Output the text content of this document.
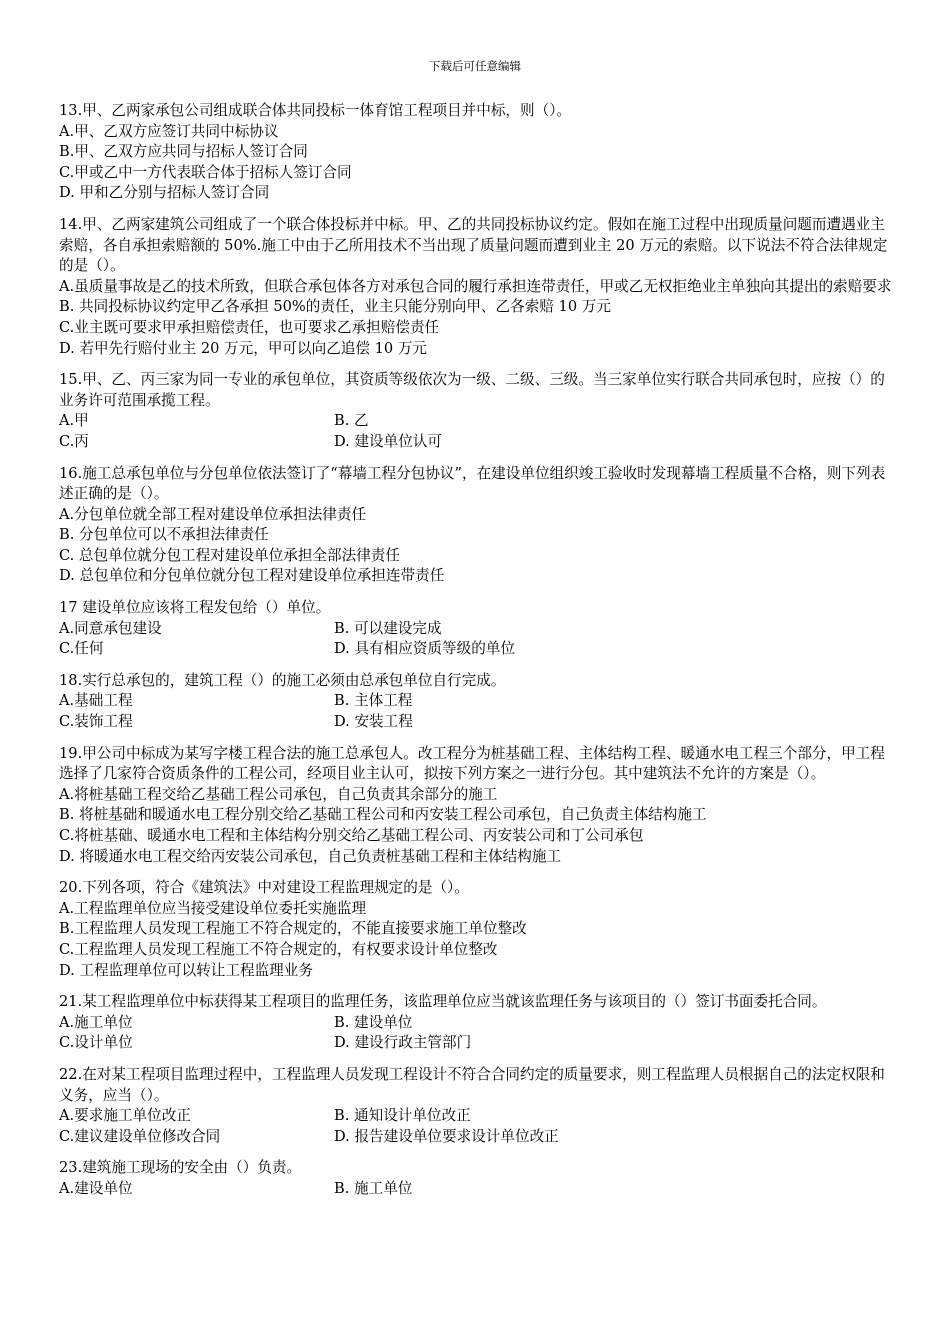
下载后可任意编辑
13.甲、乙两家承包公司组成联合体共同投标一体育馆工程项目并中标，则（）。
A.甲、乙双方应签订共同中标协议
B.甲、乙双方应共同与招标人签订合同
C.甲或乙中一方代表联合体于招标人签订合同
D. 甲和乙分别与招标人签订合同
14.甲、乙两家建筑公司组成了一个联合体投标并中标。甲、乙的共同投标协议约定。假如在施工过程中出现质量问题而遭遇业主索赔，各自承担索赔额的 50%.施工中由于乙所用技术不当出现了质量问题而遭到业主 20 万元的索赔。以下说法不符合法律规定的是（）。
A.虽质量事故是乙的技术所致，但联合承包体各方对承包合同的履行承担连带责任，甲或乙无权拒绝业主单独向其提出的索赔要求
B. 共同投标协议约定甲乙各承担 50%的责任，业主只能分别向甲、乙各索赔 10 万元
C.业主既可要求甲承担赔偿责任，也可要求乙承担赔偿责任
D. 若甲先行赔付业主 20 万元，甲可以向乙追偿 10 万元
15.甲、乙、丙三家为同一专业的承包单位，其资质等级依次为一级、二级、三级。当三家单位实行联合共同承包时，应按（）的业务许可范围承揽工程。
A.甲	B. 乙
C.丙	D. 建设单位认可
16.施工总承包单位与分包单位依法签订了“幕墙工程分包协议”，在建设单位组织竣工验收时发现幕墙工程质量不合格，则下列表述正确的是（）。
A.分包单位就全部工程对建设单位承担法律责任
B. 分包单位可以不承担法律责任
C. 总包单位就分包工程对建设单位承担全部法律责任
D. 总包单位和分包单位就分包工程对建设单位承担连带责任
17 建设单位应该将工程发包给（）单位。
A.同意承包建设	B. 可以建设完成
C.任何	D. 具有相应资质等级的单位
18.实行总承包的，建筑工程（）的施工必须由总承包单位自行完成。
A.基础工程	B. 主体工程
C.装饰工程	D. 安装工程
19.甲公司中标成为某写字楼工程合法的施工总承包人。改工程分为桩基础工程、主体结构工程、暖通水电工程三个部分，甲工程选择了几家符合资质条件的工程公司，经项目业主认可，拟按下列方案之一进行分包。其中建筑法不允许的方案是（）。
A.将桩基础工程交给乙基础工程公司承包，自己负责其余部分的施工
B. 将桩基础和暖通水电工程分别交给乙基础工程公司和丙安装工程公司承包，自己负责主体结构施工
C.将桩基础、暖通水电工程和主体结构分别交给乙基础工程公司、丙安装公司和丁公司承包
D. 将暖通水电工程交给丙安装公司承包，自己负责桩基础工程和主体结构施工
20.下列各项，符合《建筑法》中对建设工程监理规定的是（）。
A.工程监理单位应当接受建设单位委托实施监理
B.工程监理人员发现工程施工不符合规定的，不能直接要求施工单位整改
C.工程监理人员发现工程施工不符合规定的，有权要求设计单位整改
D. 工程监理单位可以转让工程监理业务
21.某工程监理单位中标获得某工程项目的监理任务，该监理单位应当就该监理任务与该项目的（）签订书面委托合同。
A.施工单位	B. 建设单位
C.设计单位	D. 建设行政主管部门
22.在对某工程项目监理过程中，工程监理人员发现工程设计不符合合同约定的质量要求，则工程监理人员根据自己的法定权限和义务，应当（）。
A.要求施工单位改正	B. 通知设计单位改正
C.建议建设单位修改合同	D. 报告建设单位要求设计单位改正
23.建筑施工现场的安全由（）负责。
A.建设单位	B. 施工单位
